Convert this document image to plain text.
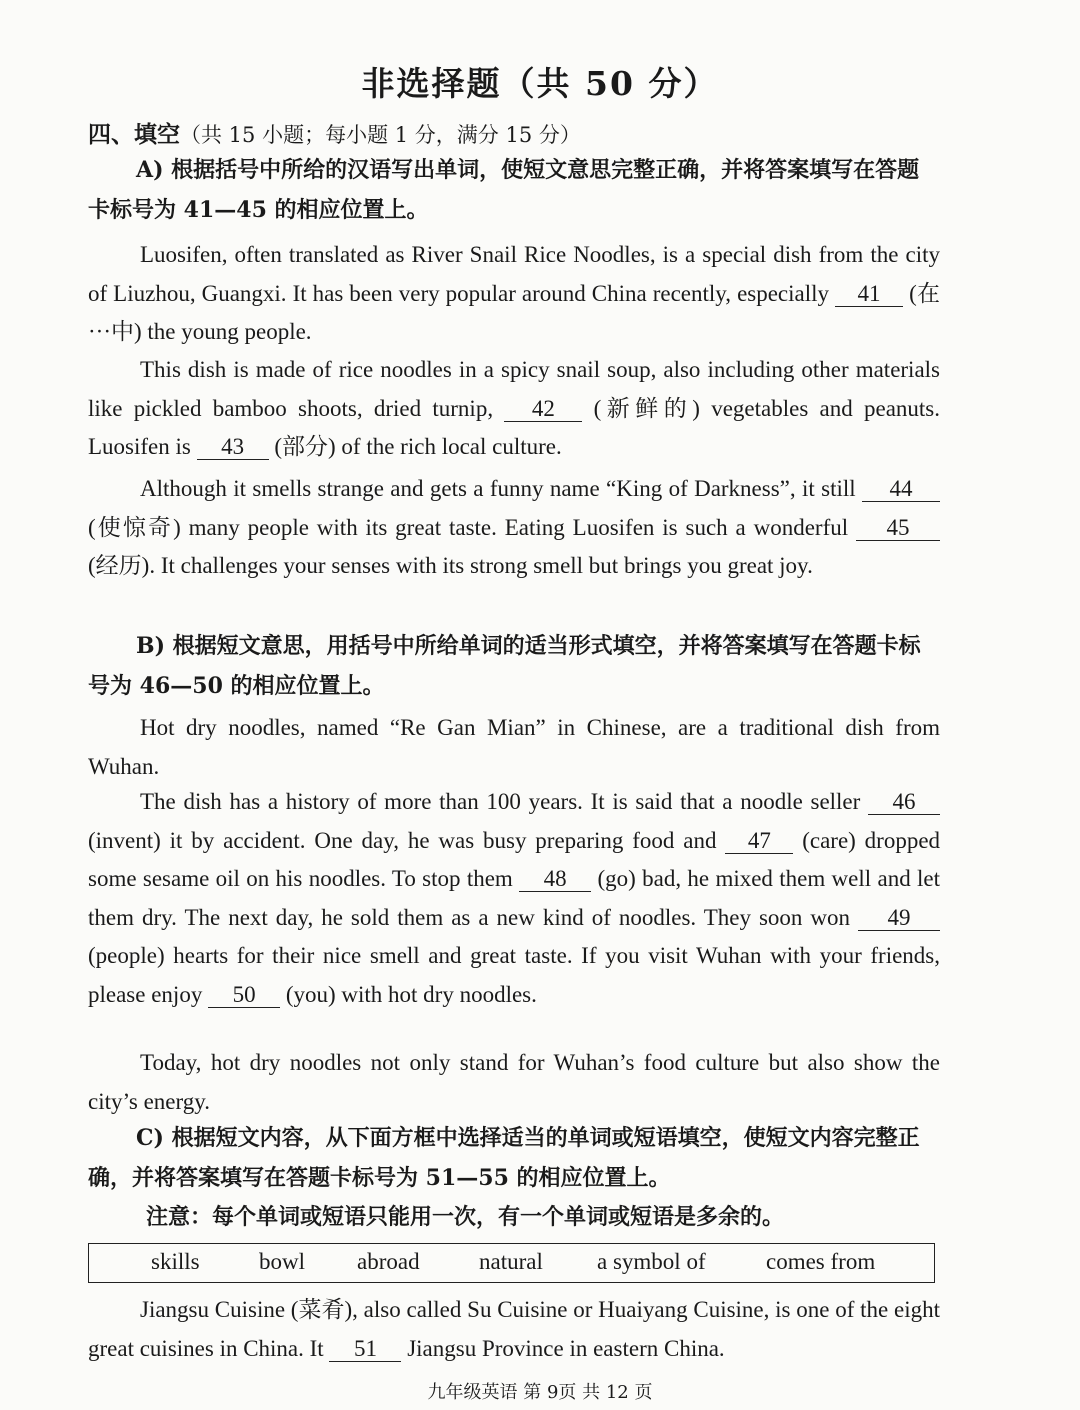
非选择题（共 50 分）
四、填空（共 15 小题；每小题 1 分，满分 15 分）
A) 根据括号中所给的汉语写出单词，使短文意思完整正确，并将答案填写在答题卡标号为 41—45 的相应位置上。
Luosifen, often translated as River Snail Rice Noodles, is a special dish from the city of Liuzhou, Guangxi. It has been very popular around China recently, especially 41 (在···中) the young people.
This dish is made of rice noodles in a spicy snail soup, also including other materials like pickled bamboo shoots, dried turnip, 42 (新鲜的) vegetables and peanuts. Luosifen is 43 (部分) of the rich local culture.
Although it smells strange and gets a funny name “King of Darkness”, it still 44 (使惊奇) many people with its great taste. Eating Luosifen is such a wonderful 45 (经历). It challenges your senses with its strong smell but brings you great joy.
B) 根据短文意思，用括号中所给单词的适当形式填空，并将答案填写在答题卡标号为 46—50 的相应位置上。
Hot dry noodles, named “Re Gan Mian” in Chinese, are a traditional dish from Wuhan.
The dish has a history of more than 100 years. It is said that a noodle seller 46 (invent) it by accident. One day, he was busy preparing food and 47 (care) dropped some sesame oil on his noodles. To stop them 48 (go) bad, he mixed them well and let them dry. The next day, he sold them as a new kind of noodles. They soon won 49 (people) hearts for their nice smell and great taste. If you visit Wuhan with your friends, please enjoy 50 (you) with hot dry noodles.
Today, hot dry noodles not only stand for Wuhan’s food culture but also show the city’s energy.
C) 根据短文内容，从下面方框中选择适当的单词或短语填空，使短文内容完整正确，并将答案填写在答题卡标号为 51—55 的相应位置上。
注意：每个单词或短语只能用一次，有一个单词或短语是多余的。
skills	bowl abroad	natural a symbol of	comes from
Jiangsu Cuisine (菜肴), also called Su Cuisine or Huaiyang Cuisine, is one of the eight great cuisines in China. It 51 Jiangsu Province in eastern China.
九年级英语 第 9页 共 12 页
